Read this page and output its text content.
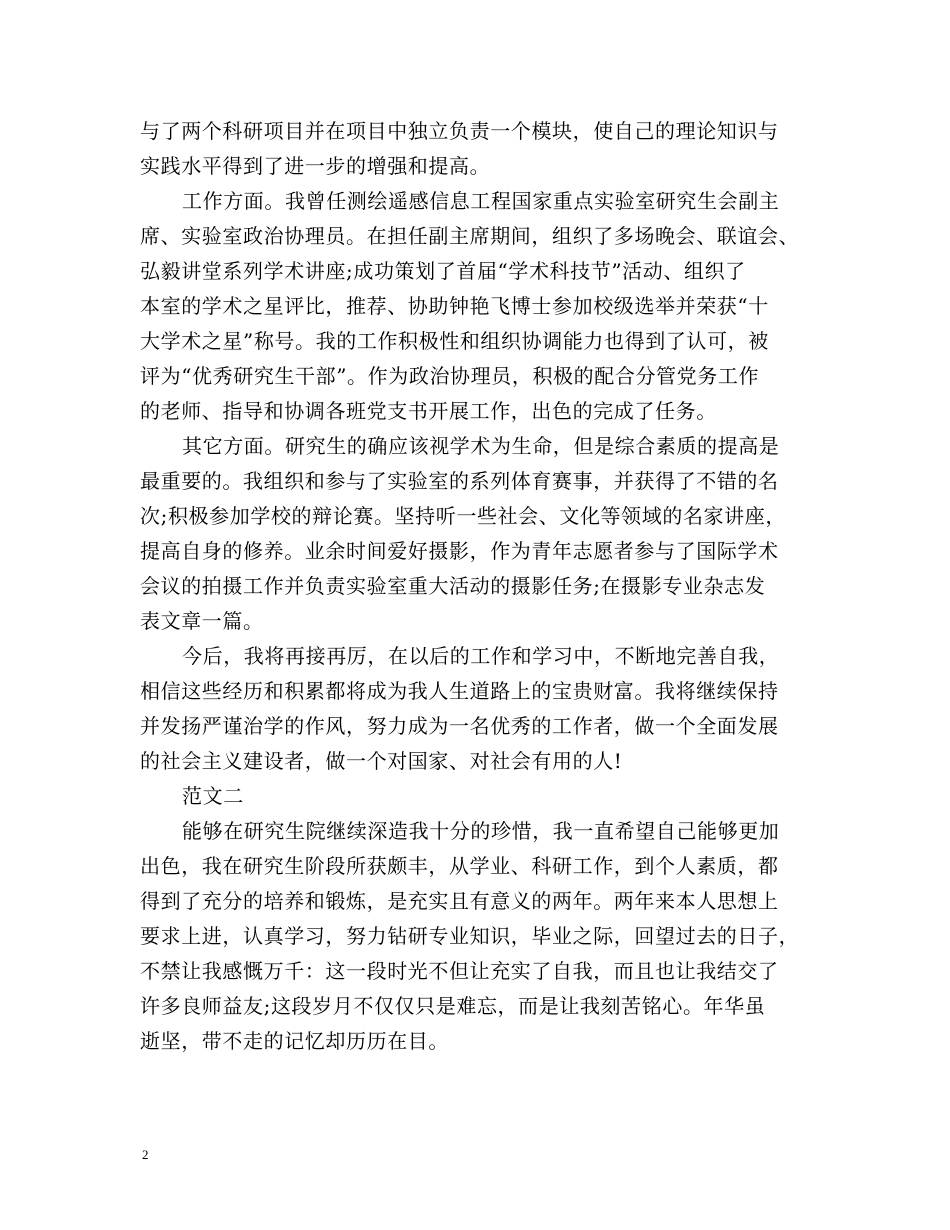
与了两个科研项目并在项目中独立负责一个模块，使自己的理论知识与
实践水平得到了进一步的增强和提高。
工作方面。我曾任测绘遥感信息工程国家重点实验室研究生会副主
席、实验室政治协理员。在担任副主席期间，组织了多场晚会、联谊会、
弘毅讲堂系列学术讲座;成功策划了首届“学术科技节”活动、组织了
本室的学术之星评比，推荐、协助钟艳飞博士参加校级选举并荣获“十
大学术之星”称号。我的工作积极性和组织协调能力也得到了认可，被
评为“优秀研究生干部”。作为政治协理员，积极的配合分管党务工作
的老师、指导和协调各班党支书开展工作，出色的完成了任务。
其它方面。研究生的确应该视学术为生命，但是综合素质的提高是
最重要的。我组织和参与了实验室的系列体育赛事，并获得了不错的名
次;积极参加学校的辩论赛。坚持听一些社会、文化等领域的名家讲座，
提高自身的修养。业余时间爱好摄影，作为青年志愿者参与了国际学术
会议的拍摄工作并负责实验室重大活动的摄影任务;在摄影专业杂志发
表文章一篇。
今后，我将再接再厉，在以后的工作和学习中，不断地完善自我，
相信这些经历和积累都将成为我人生道路上的宝贵财富。我将继续保持
并发扬严谨治学的作风，努力成为一名优秀的工作者，做一个全面发展
的社会主义建设者，做一个对国家、对社会有用的人!
范文二
能够在研究生院继续深造我十分的珍惜，我一直希望自己能够更加
出色，我在研究生阶段所获颇丰，从学业、科研工作，到个人素质，都
得到了充分的培养和锻炼，是充实且有意义的两年。两年来本人思想上
要求上进，认真学习，努力钻研专业知识，毕业之际，回望过去的日子，
不禁让我感慨万千：这一段时光不但让充实了自我，而且也让我结交了
许多良师益友;这段岁月不仅仅只是难忘，而是让我刻苦铭心。年华虽
逝坚，带不走的记忆却历历在目。
2
